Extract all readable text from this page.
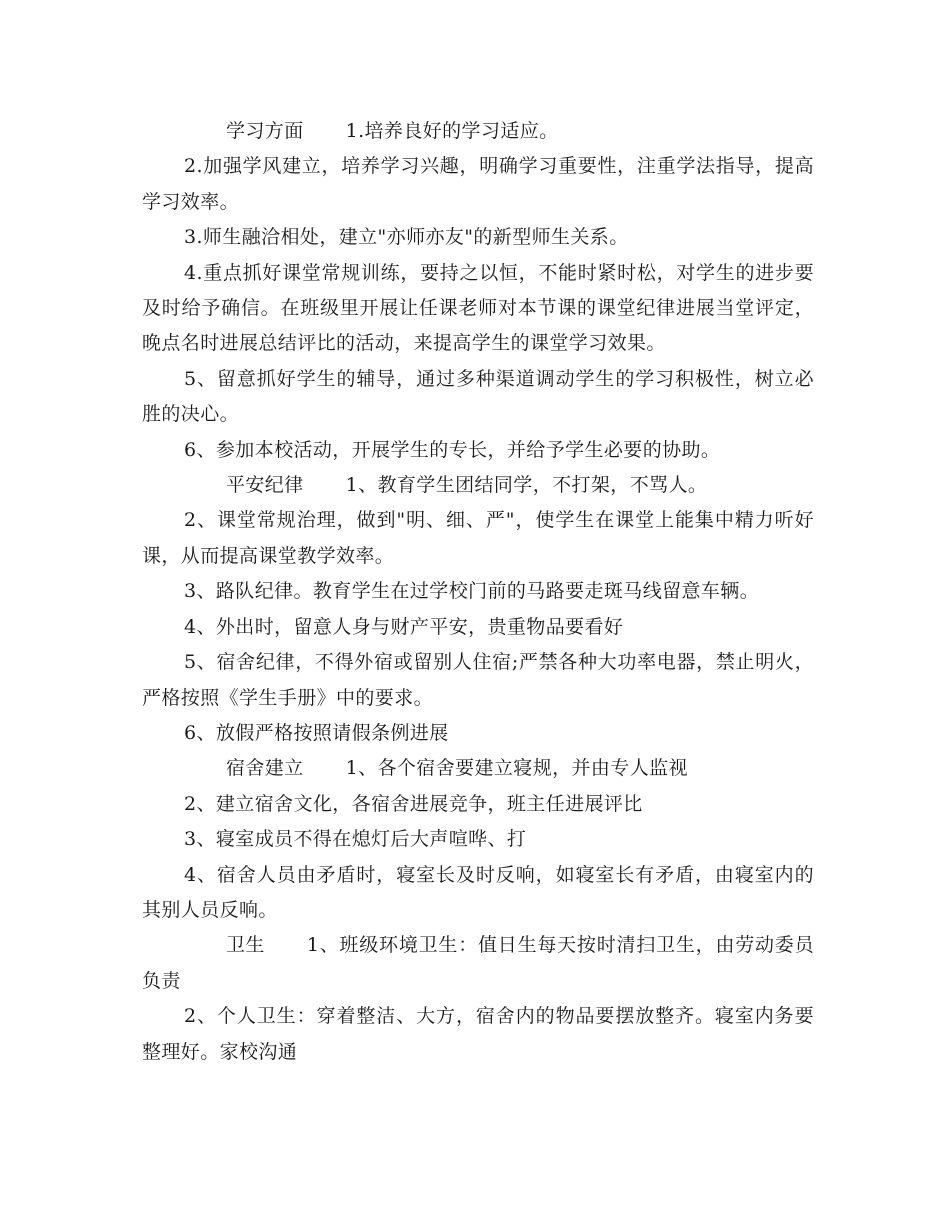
学习方面 1.培养良好的学习适应。

2.加强学风建立，培养学习兴趣，明确学习重要性，注重学法指导，提高学习效率。

3.师生融洽相处，建立"亦师亦友"的新型师生关系。

4.重点抓好课堂常规训练，要持之以恒，不能时紧时松，对学生的进步要及时给予确信。在班级里开展让任课老师对本节课的课堂纪律进展当堂评定，晚点名时进展总结评比的活动，来提高学生的课堂学习效果。

5、留意抓好学生的辅导，通过多种渠道调动学生的学习积极性，树立必胜的决心。

6、参加本校活动，开展学生的专长，并给予学生必要的协助。

平安纪律 1、教育学生团结同学，不打架，不骂人。

2、课堂常规治理，做到"明、细、严"，使学生在课堂上能集中精力听好课，从而提高课堂教学效率。

3、路队纪律。教育学生在过学校门前的马路要走斑马线留意车辆。

4、外出时，留意人身与财产平安，贵重物品要看好

5、宿舍纪律，不得外宿或留别人住宿;严禁各种大功率电器，禁止明火，严格按照《学生手册》中的要求。

6、放假严格按照请假条例进展

宿舍建立 1、各个宿舍要建立寝规，并由专人监视

2、建立宿舍文化，各宿舍进展竞争，班主任进展评比

3、寝室成员不得在熄灯后大声喧哗、打

4、宿舍人员由矛盾时，寝室长及时反响，如寝室长有矛盾，由寝室内的其别人员反响。

卫生 1、班级环境卫生：值日生每天按时清扫卫生，由劳动委员负责

2、个人卫生：穿着整洁、大方，宿舍内的物品要摆放整齐。寝室内务要整理好。家校沟通
